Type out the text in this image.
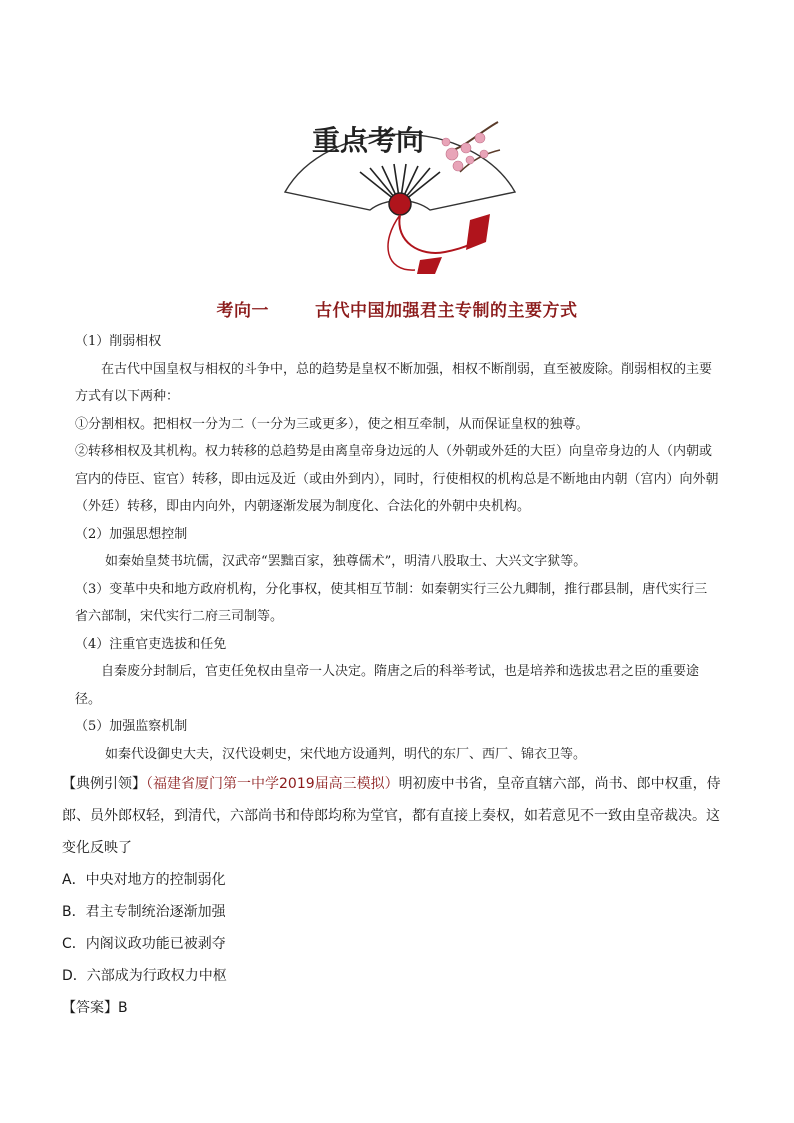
重点考向
考向一	古代中国加强君主专制的主要方式

（1）削弱相权

在古代中国皇权与相权的斗争中，总的趋势是皇权不断加强，相权不断削弱，直至被废除。削弱相权的主要方式有以下两种：

①分割相权。把相权一分为二（一分为三或更多），使之相互牵制，从而保证皇权的独尊。

②转移相权及其机构。权力转移的总趋势是由离皇帝身边远的人（外朝或外廷的大臣）向皇帝身边的人（内朝或宫内的侍臣、宦官）转移，即由远及近（或由外到内），同时，行使相权的机构总是不断地由内朝（宫内）向外朝（外廷）转移，即由内向外，内朝逐渐发展为制度化、合法化的外朝中央机构。

（2）加强思想控制

如秦始皇焚书坑儒，汉武帝“罢黜百家，独尊儒术”，明清八股取士、大兴文字狱等。

（3）变革中央和地方政府机构，分化事权，使其相互节制：如秦朝实行三公九卿制，推行郡县制，唐代实行三省六部制，宋代实行二府三司制等。

（4）注重官吏选拔和任免

自秦废分封制后，官吏任免权由皇帝一人决定。隋唐之后的科举考试，也是培养和选拔忠君之臣的重要途径。

（5）加强监察机制

如秦代设御史大夫，汉代设刺史，宋代地方设通判，明代的东厂、西厂、锦衣卫等。

【典例引领】（福建省厦门第一中学2019届高三模拟）明初废中书省，皇帝直辖六部，尚书、郎中权重，侍郎、员外郎权轻，到清代，六部尚书和侍郎均称为堂官，都有直接上奏权，如若意见不一致由皇帝裁决。这变化反映了

A．中央对地方的控制弱化

B．君主专制统治逐渐加强

C．内阁议政功能已被剥夺

D．六部成为行政权力中枢

【答案】B
